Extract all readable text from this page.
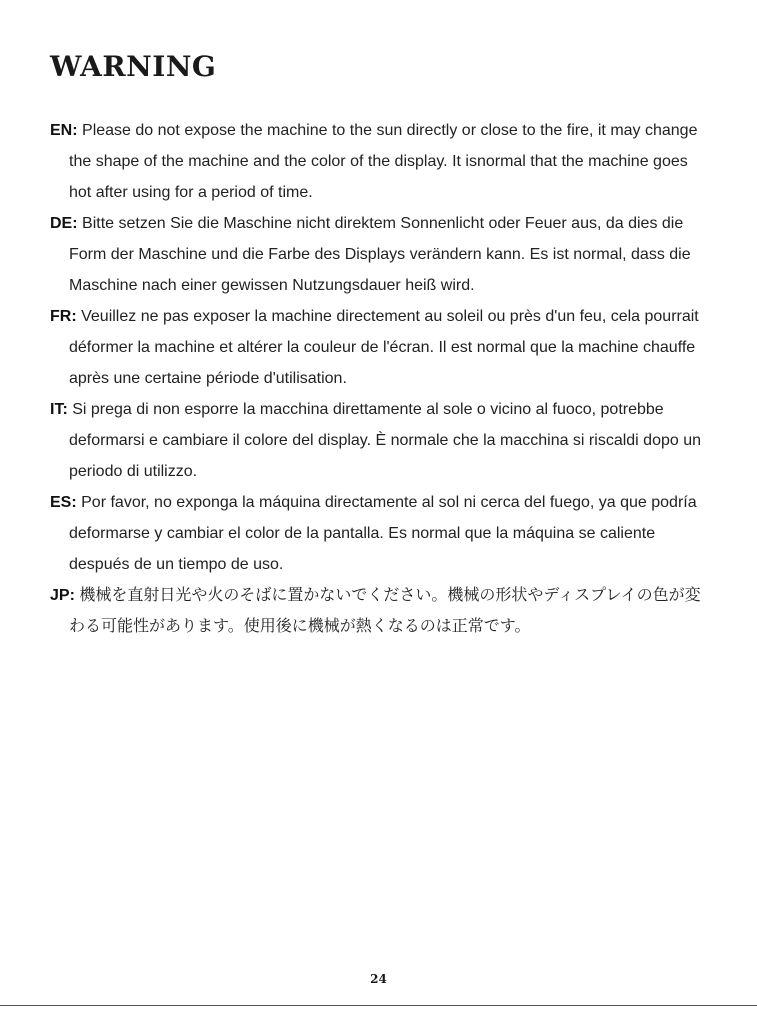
WARNING

EN: Please do not expose the machine to the sun directly or close to the fire, it may change the shape of the machine and the color of the display. It isnormal that the machine goes hot after using for a period of time.

DE: Bitte setzen Sie die Maschine nicht direktem Sonnenlicht oder Feuer aus, da dies die Form der Maschine und die Farbe des Displays verändern kann. Es ist normal, dass die Maschine nach einer gewissen Nutzungsdauer heiß wird.

FR: Veuillez ne pas exposer la machine directement au soleil ou près d'un feu, cela pourrait déformer la machine et altérer la couleur de l'écran. Il est normal que la machine chauffe après une certaine période d'utilisation.

IT: Si prega di non esporre la macchina direttamente al sole o vicino al fuoco, potrebbe deformarsi e cambiare il colore del display. È normale che la macchina si riscaldi dopo un periodo di utilizzo.

ES: Por favor, no exponga la máquina directamente al sol ni cerca del fuego, ya que podría deformarse y cambiar el color de la pantalla. Es normal que la máquina se caliente después de un tiempo de uso.

JP: 機械を直射日光や火のそばに置かないでください。機械の形状やディスプレイの色が変わる可能性があります。使用後に機械が熱くなるのは正常です。

24
